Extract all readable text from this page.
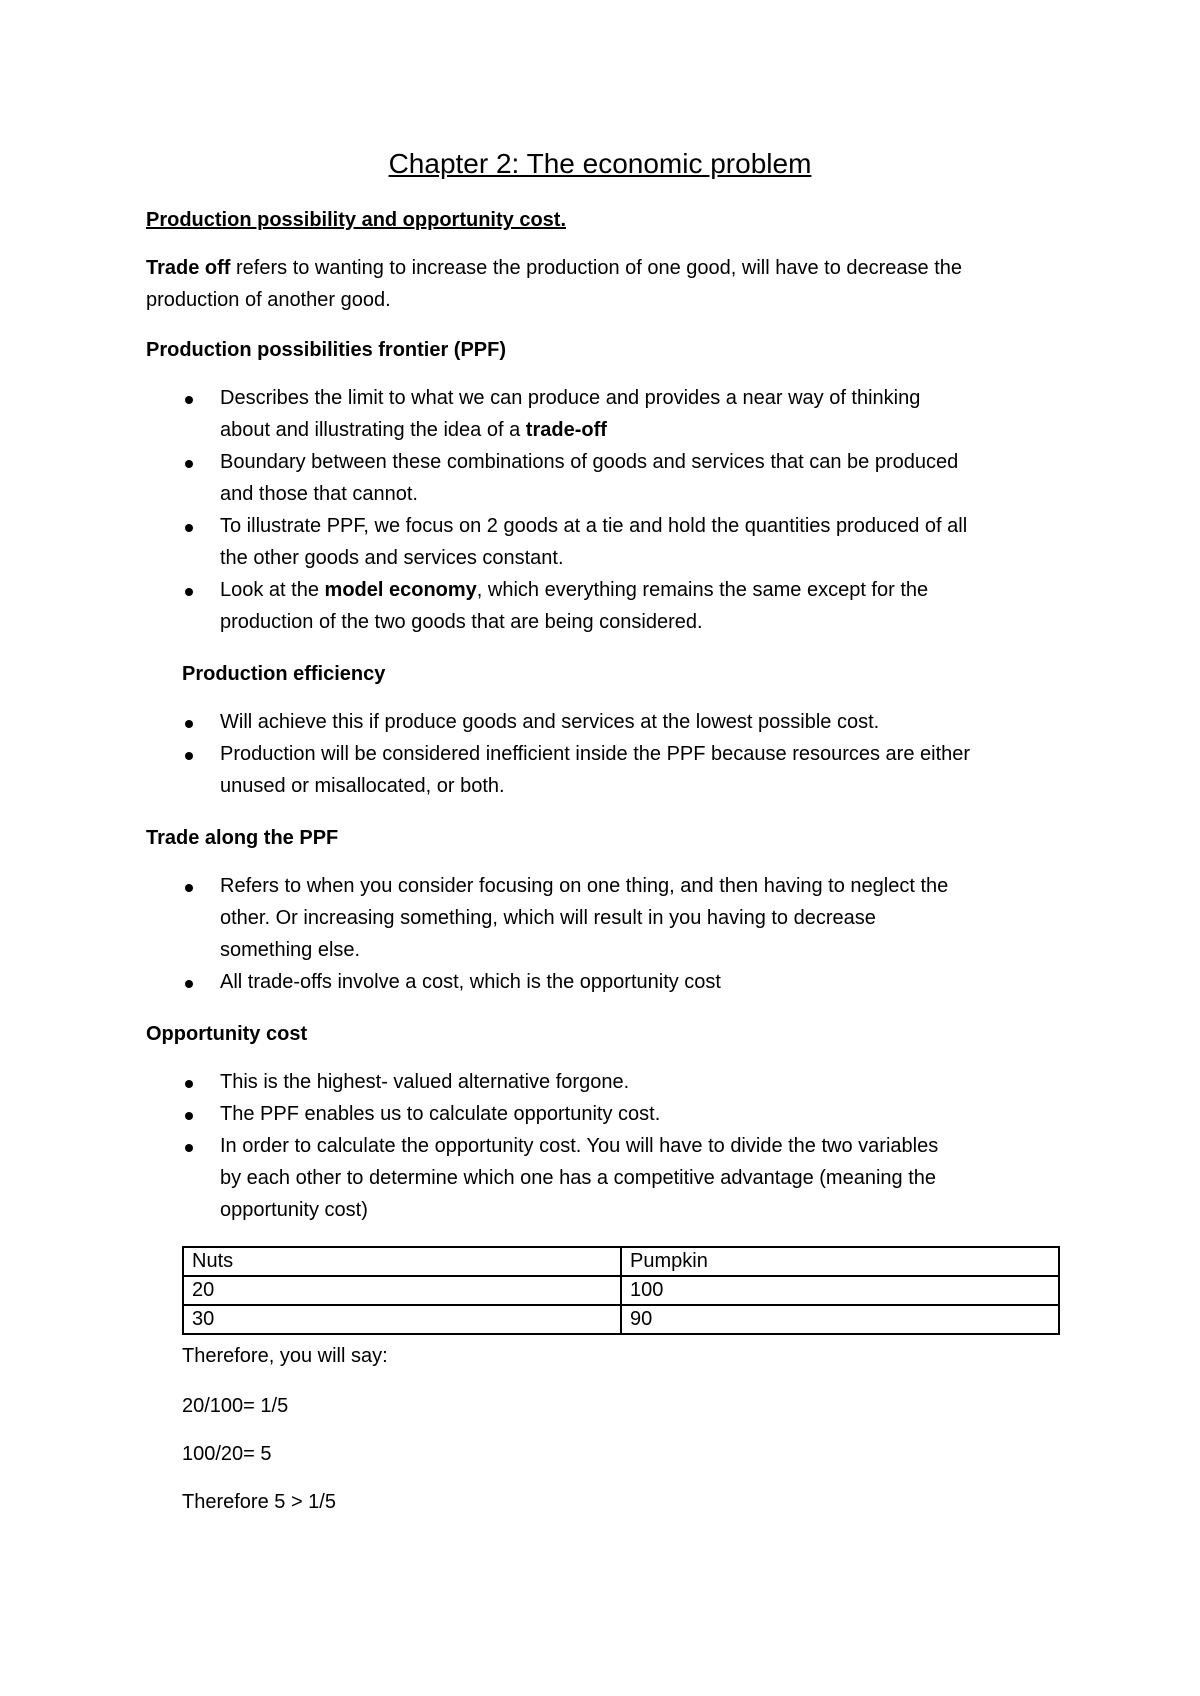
Chapter 2: The economic problem
Production possibility and opportunity cost.
Trade off refers to wanting to increase the production of one good, will have to decrease the
production of another good.
Production possibilities frontier (PPF)
Describes the limit to what we can produce and provides a near way of thinking
about and illustrating the idea of a trade-off
Boundary between these combinations of goods and services that can be produced
and those that cannot.
To illustrate PPF, we focus on 2 goods at a tie and hold the quantities produced of all
the other goods and services constant.
Look at the model economy, which everything remains the same except for the
production of the two goods that are being considered.
Production efficiency
Will achieve this if produce goods and services at the lowest possible cost.
Production will be considered inefficient inside the PPF because resources are either
unused or misallocated, or both.
Trade along the PPF
Refers to when you consider focusing on one thing, and then having to neglect the
other. Or increasing something, which will result in you having to decrease
something else.
All trade-offs involve a cost, which is the opportunity cost
Opportunity cost
This is the highest- valued alternative forgone.
The PPF enables us to calculate opportunity cost.
In order to calculate the opportunity cost. You will have to divide the two variables
by each other to determine which one has a competitive advantage (meaning the
opportunity cost)
Nuts	Pumpkin
20	100
30	90
Therefore, you will say:
20/100= 1/5
100/20= 5
Therefore 5 > 1/5
